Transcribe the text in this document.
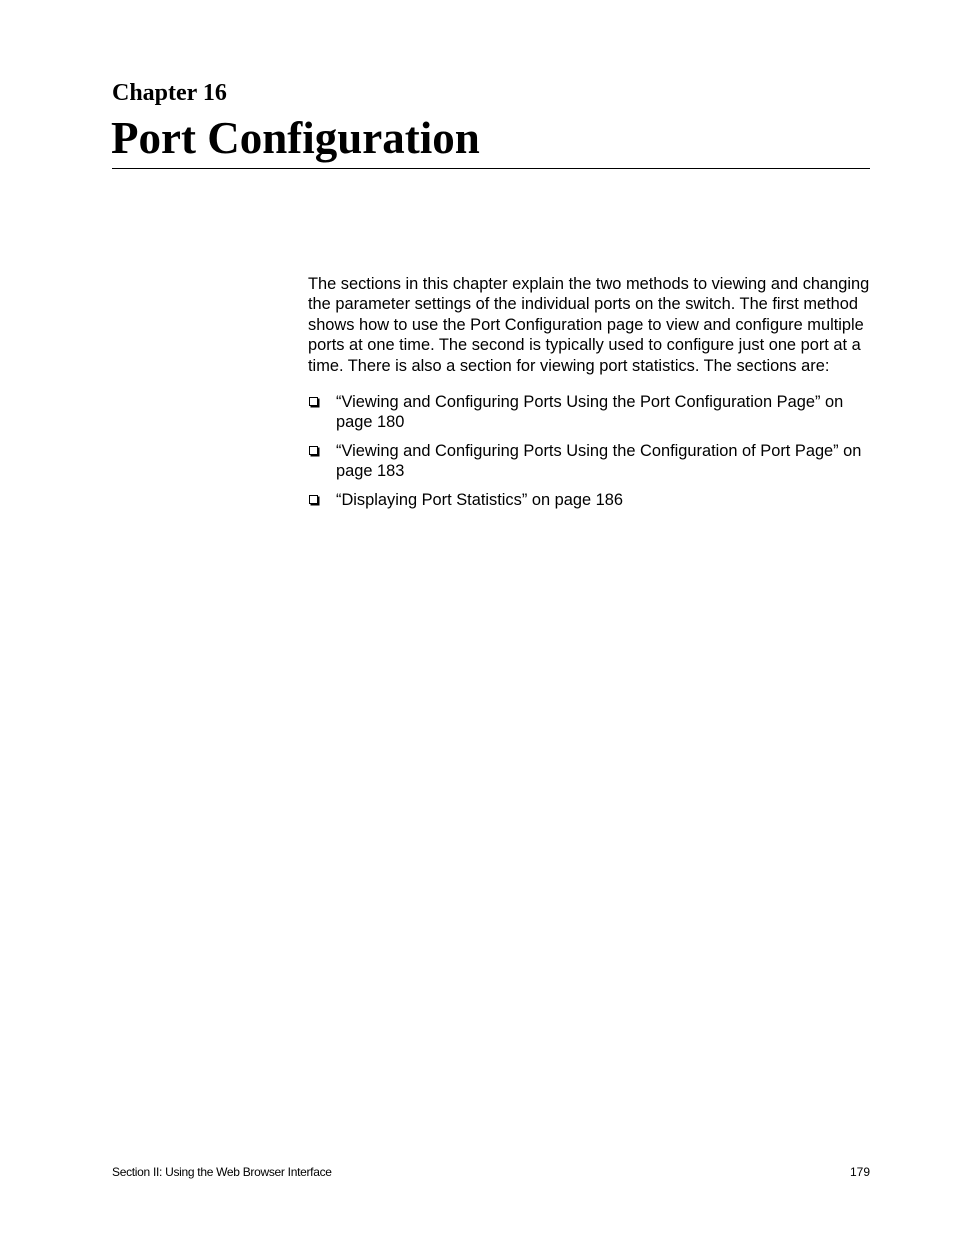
Chapter 16
Port Configuration

The sections in this chapter explain the two methods to viewing and changing the parameter settings of the individual ports on the switch. The first method shows how to use the Port Configuration page to view and configure multiple ports at one time. The second is typically used to configure just one port at a time. There is also a section for viewing port statistics. The sections are:

“Viewing and Configuring Ports Using the Port Configuration Page” on page 180
“Viewing and Configuring Ports Using the Configuration of Port Page” on page 183
“Displaying Port Statistics” on page 186
Section II: Using the Web Browser Interface	179
